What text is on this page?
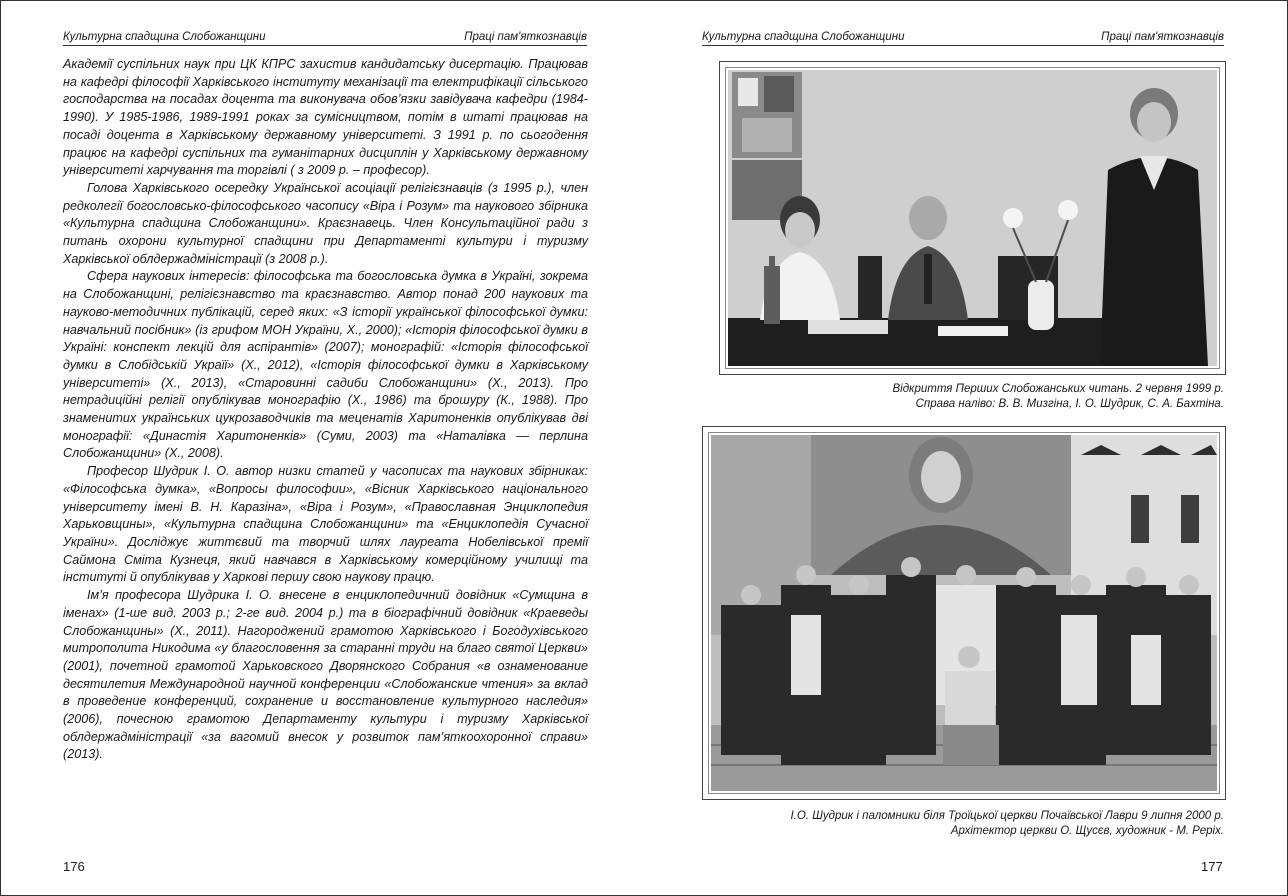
Культурна спадщина Слобожанщини	Праці пам'яткознавців

Академії суспільних наук при ЦК КПРС захистив кандидатську дисертацію. Працював на кафедрі філософії Харківського інституту механізації та електрифікації сільського господарства на посадах доцента та виконувача обов’язки завідувача кафедри (1984-1990). У 1985-1986, 1989-1991 роках за сумісництвом, потім в штаті працював на посаді доцента в Харківському державному університеті. З 1991 р. по сьогодення працює на кафедрі суспільних та гуманітарних дисциплін у Харківському державному університеті харчування та торгівлі ( з 2009 р. – професор).

Голова Харківського осередку Української асоціації релігієзнавців (з 1995 р.), член редколегії богословсько-філософського часопису «Віра і Розум» та наукового збірника «Культурна спадщина Слобожанщини». Краєзнавець. Член Консультаційної ради з питань охорони культурної спадщини при Департаменті культури і туризму Харківської облдержадміністрації (з 2008 р.).

Сфера наукових інтересів: філософська та богословська думка в Україні, зокрема на Слобожанщині, релігієзнавство та краєзнавство. Автор понад 200 наукових та науково-методичних публікацій, серед яких: «З історії української філософської думки: навчальний посібник» (із грифом МОН України, Х., 2000); «Історія філософської думки в Україні: конспект лекцій для аспірантів» (2007); монографій: «Історія філософської думки в Слобідській Україї» (Х., 2012), «Історія філософської думки в Харківському університеті» (Х., 2013), «Старовинні садиби Слобожанщини» (Х., 2013). Про нетрадиційні релігії опублікував монографію (Х., 1986) та брошуру (К., 1988). Про знаменитих українських цукрозаводчиків та меценатів Харитоненків опублікував дві монографії: «Династія Харитоненків» (Суми, 2003) та «Наталівка — перлина Слобожанщини» (Х., 2008).

Професор Шудрик І. О. автор низки статей у часописах та наукових збірниках: «Філософська думка», «Вопросы философии», «Вісник Харківського національного університету імені В. Н. Каразіна», «Віра і Розум», «Православная Энциклопедия Харьковщины», «Культурна спадщина Слобожанщини» та «Енциклопедія Сучасної України». Досліджує життєвий та творчий шлях лауреата Нобелівської премії Саймона Сміта Кузнеця, який навчався в Харківському комерційному училищі та інституті й опублікував у Харкові першу свою наукову працю.

Ім’я професора Шудрика І. О. внесене в енциклопедичний довідник «Сумщина в іменах» (1-ше вид. 2003 р.; 2-ге вид. 2004 р.) та в біографічний довідник «Краеведы Слобожанщины» (Х., 2011). Нагороджений грамотою Харківського і Богодухівського митрополита Никодима «у благословення за старанні труди на благо святої Церкви» (2001), почетной грамотой Харьковского Дворянского Собрания «в ознаменование десятилетия Международной научной конференции «Слобожанские чтения» за вклад в проведение конференций, сохранение и восстановление культурного наследия» (2006), почесною грамотою Департаменту культури і туризму Харківської облдержадміністрації «за вагомий внесок у розвиток пам’яткоохоронної справи» (2013).

176
Культурна спадщина Слобожанщини	Праці пам'яткознавців
Відкриття Перших Слобожанських читань. 2 червня 1999 р.
Справа наліво: В. В. Мизгіна, І. О. Шудрик, С. А. Бахтіна.
І.О. Шудрик і паломники біля Троїцької церкви Почаївської Лаври 9 липня 2000 р.
Архітектор церкви О. Щусєв, художник - М. Реріх.
177
